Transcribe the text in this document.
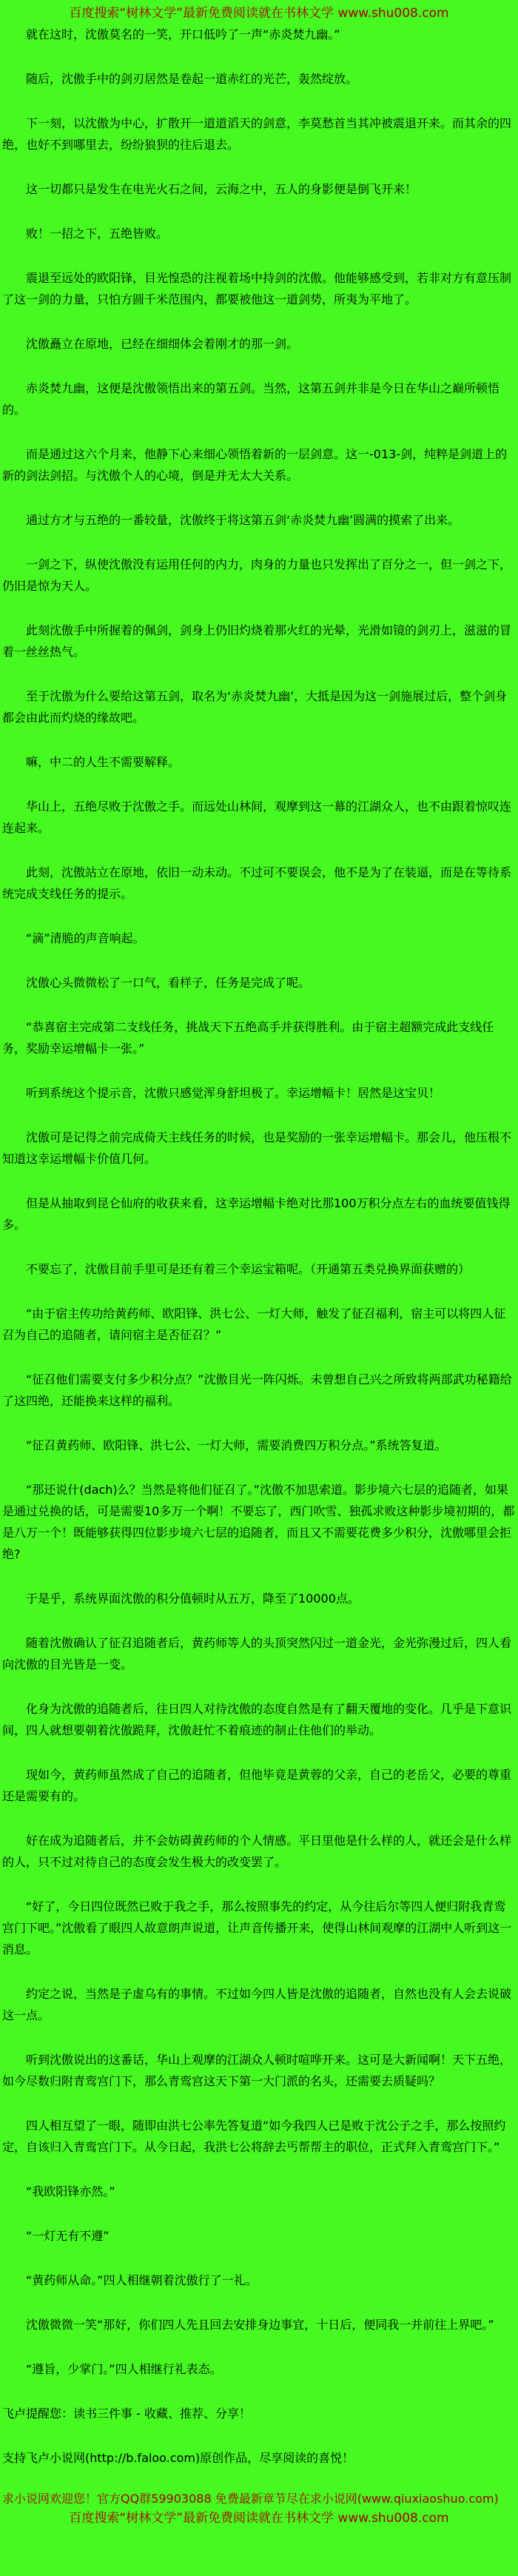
百度搜索“树林文学”最新免费阅读就在书林文学 www.shu008.com
就在这时，沈傲莫名的一笑，开口低吟了一声“赤炎焚九幽。”
随后，沈傲手中的剑刃居然是卷起一道赤红的光芒，轰然绽放。
下一刻，以沈傲为中心，扩散开一道道滔天的剑意，李莫愁首当其冲被震退开来。而其余的四绝，也好不到哪里去，纷纷狼狈的往后退去。
这一切都只是发生在电光火石之间，云海之中，五人的身影便是倒飞开来！
败！一招之下，五绝皆败。
震退至远处的欧阳锋，目光惶恐的注视着场中持剑的沈傲。他能够感受到，若非对方有意压制了这一剑的力量，只怕方圆千米范围内，都要被他这一道剑势，所夷为平地了。
沈傲矗立在原地，已经在细细体会着刚才的那一剑。
赤炎焚九幽，这便是沈傲领悟出来的第五剑。当然，这第五剑并非是今日在华山之巅所顿悟的。
而是通过这六个月来，他静下心来细心领悟着新的一层剑意。这一-013-剑，纯粹是剑道上的新的剑法剑招。与沈傲个人的心境，倒是并无太大关系。
通过方才与五绝的一番较量，沈傲终于将这第五剑‘赤炎焚九幽’圆满的摸索了出来。
一剑之下，纵使沈傲没有运用任何的内力，肉身的力量也只发挥出了百分之一，但一剑之下，仍旧是惊为天人。
此刻沈傲手中所握着的佩剑，剑身上仍旧灼烧着那火红的光晕，光滑如镜的剑刃上，滋滋的冒着一丝丝热气。
至于沈傲为什么要给这第五剑，取名为‘赤炎焚九幽’，大抵是因为这一剑施展过后，整个剑身都会由此而灼烧的缘故吧。
嘛，中二的人生不需要解释。
华山上，五绝尽败于沈傲之手。而远处山林间，观摩到这一幕的江湖众人，也不由跟着惊叹连连起来。
此刻，沈傲站立在原地，依旧一动未动。不过可不要误会，他不是为了在装逼，而是在等待系统完成支线任务的提示。
“滴”清脆的声音响起。
沈傲心头微微松了一口气，看样子，任务是完成了呢。
“恭喜宿主完成第二支线任务，挑战天下五绝高手并获得胜利。由于宿主超额完成此支线任务，奖励幸运增幅卡一张。”
听到系统这个提示音，沈傲只感觉浑身舒坦极了。幸运增幅卡！居然是这宝贝！
沈傲可是记得之前完成倚天主线任务的时候，也是奖励的一张幸运增幅卡。那会儿，他压根不知道这幸运增幅卡价值几何。
但是从抽取到昆仑仙府的收获来看，这幸运增幅卡绝对比那100万积分点左右的血统要值钱得多。
不要忘了，沈傲目前手里可是还有着三个幸运宝箱呢。（开通第五类兑换界面获赠的）
“由于宿主传功给黄药师、欧阳锋、洪七公、一灯大师，触发了征召福利，宿主可以将四人征召为自己的追随者，请问宿主是否征召？”
“征召他们需要支付多少积分点？”沈傲目光一阵闪烁。未曾想自己兴之所致将两部武功秘籍给了这四绝，还能换来这样的福利。
“征召黄药师、欧阳锋、洪七公、一灯大师，需要消费四万积分点。”系统答复道。
“那还说什(dach)么？当然是将他们征召了。”沈傲不加思索道。影步境六七层的追随者，如果是通过兑换的话，可是需要10多万一个啊！不要忘了，西门吹雪、独孤求败这种影步境初期的，都是八万一个！既能够获得四位影步境六七层的追随者，而且又不需要花费多少积分，沈傲哪里会拒绝?
于是乎，系统界面沈傲的积分值顿时从五万，降至了10000点。
随着沈傲确认了征召追随者后，黄药师等人的头顶突然闪过一道金光，金光弥漫过后，四人看向沈傲的目光皆是一变。
化身为沈傲的追随者后，往日四人对待沈傲的态度自然是有了翻天覆地的变化。几乎是下意识间，四人就想要朝着沈傲跪拜，沈傲赶忙不着痕迹的制止住他们的举动。
现如今，黄药师虽然成了自己的追随者，但他毕竟是黄蓉的父亲，自己的老岳父，必要的尊重还是需要有的。
好在成为追随者后，并不会妨碍黄药师的个人情感。平日里他是什么样的人，就还会是什么样的人，只不过对待自己的态度会发生极大的改变罢了。
“好了，今日四位既然已败于我之手，那么按照事先的约定，从今往后尔等四人便归附我青鸾宫门下吧。”沈傲看了眼四人故意朗声说道，让声音传播开来，使得山林间观摩的江湖中人听到这一消息。
约定之说，当然是子虚乌有的事情。不过如今四人皆是沈傲的追随者，自然也没有人会去说破这一点。
听到沈傲说出的这番话，华山上观摩的江湖众人顿时喧哗开来。这可是大新闻啊！天下五绝，如今尽数归附青鸾宫门下，那么青鸾宫这天下第一大门派的名头，还需要去质疑吗？
四人相互望了一眼，随即由洪七公率先答复道“如今我四人已是败于沈公子之手，那么按照约定，自该归入青鸾宫门下。从今日起，我洪七公将辞去丐帮帮主的职位，正式拜入青鸾宫门下。”
“我欧阳锋亦然。”
“一灯无有不遵”
“黄药师从命。”四人相继朝着沈傲行了一礼。
沈傲微微一笑“那好，你们四人先且回去安排身边事宜，十日后，便同我一并前往上界吧。”
“遵旨，少掌门。”四人相继行礼表态。
飞卢提醒您：读书三件事 - 收藏、推荐、分享！
支持飞卢小说网(http://b.faloo.com)原创作品，尽享阅读的喜悦！
求小说网欢迎您！官方QQ群59903088 免费最新章节尽在求小说网(www.qiuxiaoshuo.com)
百度搜索“树林文学”最新免费阅读就在书林文学 www.shu008.com
